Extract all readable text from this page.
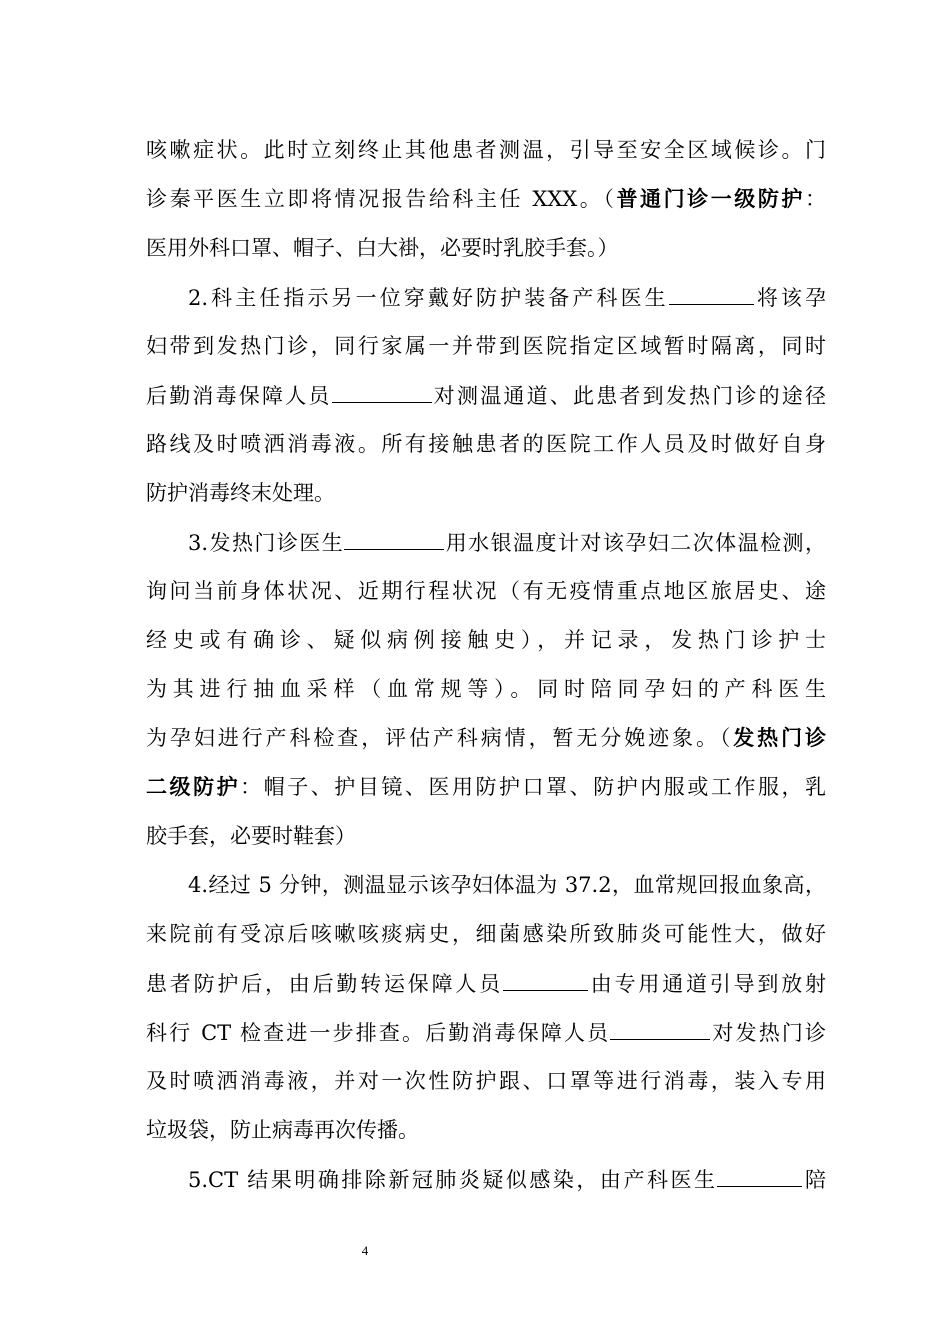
咳嗽症状。此时立刻终止其他患者测温，引导至安全区域候诊。门
诊秦平医生立即将情况报告给科主任 XXX。（普通门诊一级防护：
医用外科口罩、帽子、白大褂，必要时乳胶手套。）
2.科主任指示另一位穿戴好防护装备产科医生	将该孕
妇带到发热门诊，同行家属一并带到医院指定区域暂时隔离，同时
后勤消毒保障人员	对测温通道、此患者到发热门诊的途径
路线及时喷洒消毒液。所有接触患者的医院工作人员及时做好自身
防护消毒终末处理。
3.发热门诊医生	用水银温度计对该孕妇二次体温检测，
询问当前身体状况、近期行程状况（有无疫情重点地区旅居史、途
经史或有确诊、疑似病例接触史），并记录，发热门诊护士
为其进行抽血采样（血常规等）。同时陪同孕妇的产科医生
为孕妇进行产科检查，评估产科病情，暂无分娩迹象。（发热门诊
二级防护：帽子、护目镜、医用防护口罩、防护内服或工作服，乳
胶手套，必要时鞋套）
4.经过 5 分钟，测温显示该孕妇体温为 37.2，血常规回报血象高，
来院前有受凉后咳嗽咳痰病史，细菌感染所致肺炎可能性大，做好
患者防护后，由后勤转运保障人员	由专用通道引导到放射
科行 CT 检查进一步排查。后勤消毒保障人员	对发热门诊
及时喷洒消毒液，并对一次性防护跟、口罩等进行消毒，装入专用
垃圾袋，防止病毒再次传播。
5.CT 结果明确排除新冠肺炎疑似感染，由产科医生	陪
4
